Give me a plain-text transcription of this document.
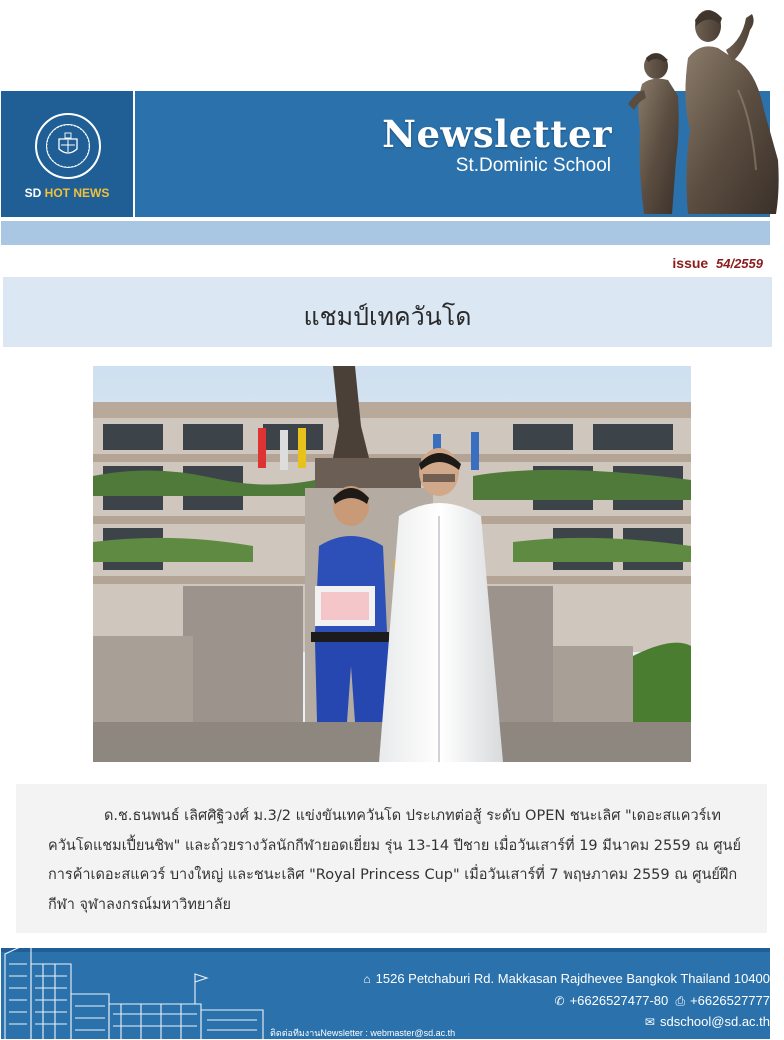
SD HOT NEWS
Newsletter
St.Dominic School
issue 54/2559
แชมป์เทควันโด

ด.ช.ธนพนธ์ เลิศศิฐิวงศ์ ม.3/2 แข่งขันเทควันโด ประเภทต่อสู้ ระดับ OPEN ชนะเลิศ "เดอะสแควร์เทควันโดแชมเปี้ยนชิพ" และถ้วยรางวัลนักกีฬายอดเยี่ยม รุ่น 13-14 ปีชาย เมื่อวันเสาร์ที่ 19 มีนาคม 2559 ณ ศูนย์การค้าเดอะสแควร์ บางใหญ่ และชนะเลิศ "Royal Princess Cup" เมื่อวันเสาร์ที่ 7 พฤษภาคม 2559 ณ ศูนย์ฝึกกีฬา จุฬาลงกรณ์มหาวิทยาลัย

⌂ 1526 Petchaburi Rd. Makkasan Rajdhevee Bangkok Thailand 10400
✆ +6626527477-80 ⎙ +6626527777
✉ sdschool@sd.ac.th
ติดต่อทีมงานNewsletter : webmaster@sd.ac.th
